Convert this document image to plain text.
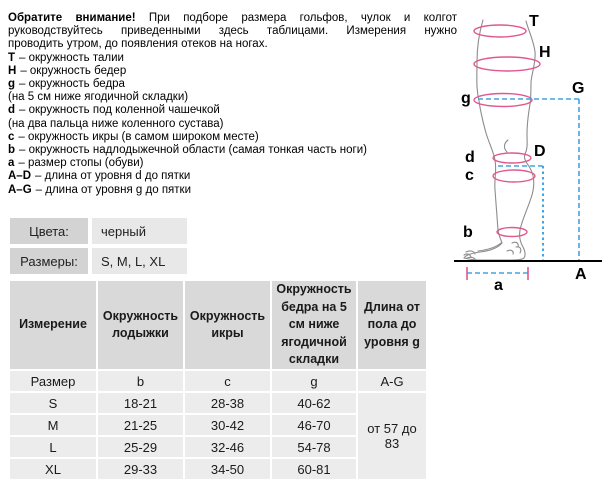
Обратите внимание! При подборе размера гольфов, чулок и колгот
руководствуйтесь приведенными здесь таблицами. Измерения нужно
проводить утром, до появления отеков на ногах.
T – окружность талии
H – окружность бедер
g – окружность бедра
(на 5 см ниже ягодичной складки)
d – окружность под коленной чашечкой
(на два пальца ниже коленного сустава)
c – окружность икры (в самом широком месте)
b – окружность надлодыжечной области (самая тонкая часть ноги)
a – размер стопы (обуви)
A–D – длина от уровня d до пятки
A–G – длина от уровня g до пятки
Цвета:	черный
Размеры:	S, M, L, XL
Измерение	Окружность лодыжки	Окружность икры	Окружность бедра на 5 см ниже ягодичной складки	Длина от пола до уровня g
Размер	b	c	g	A-G
S	18-21	28-38	40-62	от 57 до 83
M	21-25	30-42	46-70	
L	25-29	32-46	54-78	
XL	29-33	34-50	60-81	
T
H
G
g
D
d
c
b
A
a
